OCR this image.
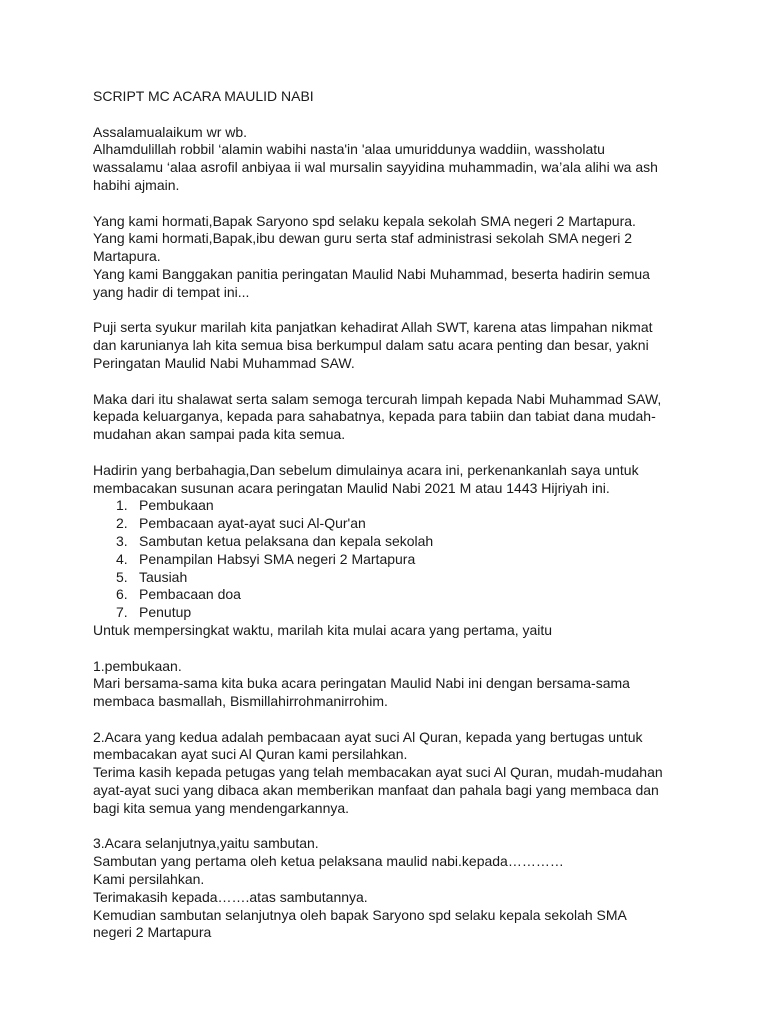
SCRIPT MC ACARA MAULID NABI
Assalamualaikum wr wb.
Alhamdulillah robbil ‘alamin wabihi nasta'in 'alaa umuriddunya waddiin, wassholatu
wassalamu ‘alaa asrofil anbiyaa ii wal mursalin sayyidina muhammadin, wa’ala alihi wa ash
habihi ajmain.
Yang kami hormati,Bapak Saryono spd selaku kepala sekolah SMA negeri 2 Martapura.
Yang kami hormati,Bapak,ibu dewan guru serta staf administrasi sekolah SMA negeri 2
Martapura.
Yang kami Banggakan panitia peringatan Maulid Nabi Muhammad, beserta hadirin semua
yang hadir di tempat ini...
Puji serta syukur marilah kita panjatkan kehadirat Allah SWT, karena atas limpahan nikmat
dan karunianya lah kita semua bisa berkumpul dalam satu acara penting dan besar, yakni
Peringatan Maulid Nabi Muhammad SAW.
Maka dari itu shalawat serta salam semoga tercurah limpah kepada Nabi Muhammad SAW,
kepada keluarganya, kepada para sahabatnya, kepada para tabiin dan tabiat dana mudah-
mudahan akan sampai pada kita semua.
Hadirin yang berbahagia,Dan sebelum dimulainya acara ini, perkenankanlah saya untuk
membacakan susunan acara peringatan Maulid Nabi 2021 M atau 1443 Hijriyah ini.
1. Pembukaan
2. Pembacaan ayat-ayat suci Al-Qur'an
3. Sambutan ketua pelaksana dan kepala sekolah
4. Penampilan Habsyi SMA negeri 2 Martapura
5. Tausiah
6. Pembacaan doa
7. Penutup
Untuk mempersingkat waktu, marilah kita mulai acara yang pertama, yaitu
1.pembukaan.
Mari bersama-sama kita buka acara peringatan Maulid Nabi ini dengan bersama-sama
membaca basmallah, Bismillahirrohmanirrohim.
2.Acara yang kedua adalah pembacaan ayat suci Al Quran, kepada yang bertugas untuk
membacakan ayat suci Al Quran kami persilahkan.
Terima kasih kepada petugas yang telah membacakan ayat suci Al Quran, mudah-mudahan
ayat-ayat suci yang dibaca akan memberikan manfaat dan pahala bagi yang membaca dan
bagi kita semua yang mendengarkannya.
3.Acara selanjutnya,yaitu sambutan.
Sambutan yang pertama oleh ketua pelaksana maulid nabi.kepada…………
Kami persilahkan.
Terimakasih kepada…….atas sambutannya.
Kemudian sambutan selanjutnya oleh bapak Saryono spd selaku kepala sekolah SMA
negeri 2 Martapura
